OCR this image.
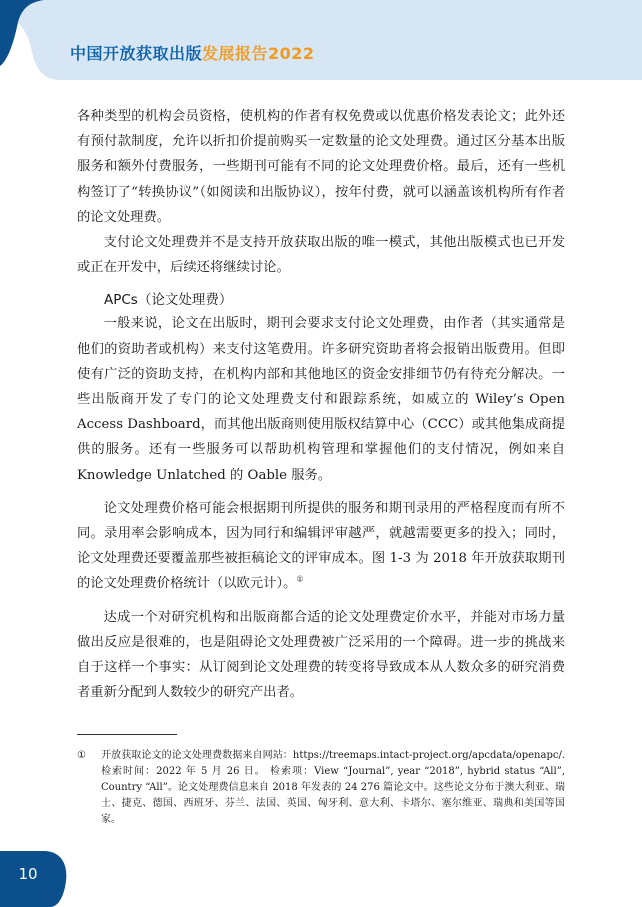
中国开放获取出版发展报告2022

各种类型的机构会员资格，使机构的作者有权免费或以优惠价格发表论文；此外还有预付款制度，允许以折扣价提前购买一定数量的论文处理费。通过区分基本出版服务和额外付费服务，一些期刊可能有不同的论文处理费价格。最后，还有一些机构签订了“转换协议”（如阅读和出版协议），按年付费，就可以涵盖该机构所有作者的论文处理费。

支付论文处理费并不是支持开放获取出版的唯一模式，其他出版模式也已开发或正在开发中，后续还将继续讨论。

APCs（论文处理费）

一般来说，论文在出版时，期刊会要求支付论文处理费，由作者（其实通常是他们的资助者或机构）来支付这笔费用。许多研究资助者将会报销出版费用。但即使有广泛的资助支持，在机构内部和其他地区的资金安排细节仍有待充分解决。一些出版商开发了专门的论文处理费支付和跟踪系统，如威立的 Wiley’s Open Access Dashboard，而其他出版商则使用版权结算中心（CCC）或其他集成商提供的服务。还有一些服务可以帮助机构管理和掌握他们的支付情况，例如来自 Knowledge Unlatched 的 Oable 服务。

论文处理费价格可能会根据期刊所提供的服务和期刊录用的严格程度而有所不同。录用率会影响成本，因为同行和编辑评审越严，就越需要更多的投入；同时，论文处理费还要覆盖那些被拒稿论文的评审成本。图 1-3 为 2018 年开放获取期刊的论文处理费价格统计（以欧元计）。①

达成一个对研究机构和出版商都合适的论文处理费定价水平，并能对市场力量做出反应是很难的，也是阻碍论文处理费被广泛采用的一个障碍。进一步的挑战来自于这样一个事实：从订阅到论文处理费的转变将导致成本从人数众多的研究消费者重新分配到人数较少的研究产出者。

① 开放获取论文的论文处理费数据来自网站：https://treemaps.intact-project.org/apcdata/openapc/. 检索时间：2022 年 5 月 26 日。 检索项：View “Journal”, year “2018”, hybrid status “All”, Country “All”。论文处理费信息来自 2018 年发表的 24 276 篇论文中。这些论文分布于澳大利亚、瑞士、捷克、德国、西班牙、芬兰、法国、英国、匈牙利、意大利、卡塔尔、塞尔维亚、瑞典和美国等国家。
10
